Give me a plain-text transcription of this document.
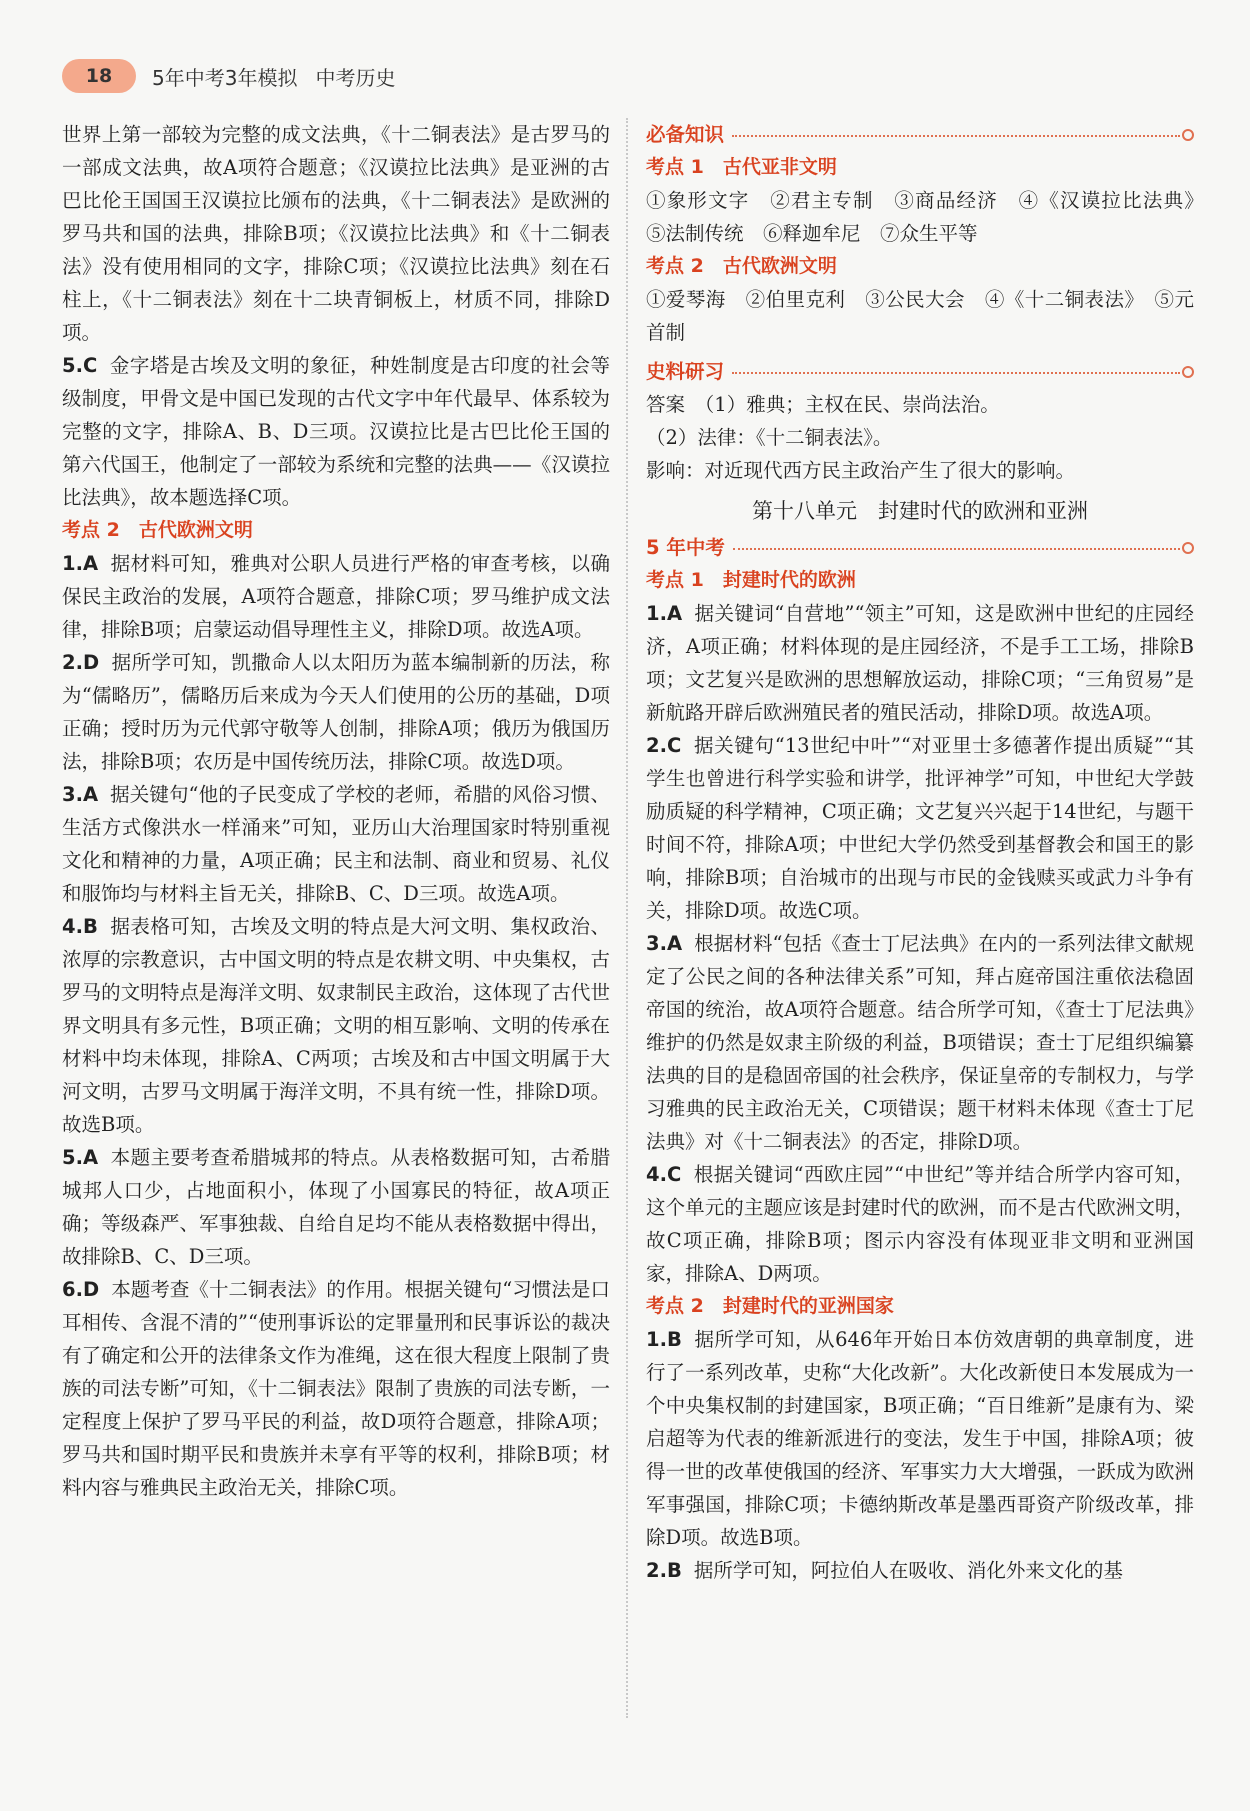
18	5年中考3年模拟 中考历史

世界上第一部较为完整的成文法典，《十二铜表法》是古罗马的一部成文法典，故A项符合题意；《汉谟拉比法典》是亚洲的古巴比伦王国国王汉谟拉比颁布的法典，《十二铜表法》是欧洲的罗马共和国的法典，排除B项；《汉谟拉比法典》和《十二铜表法》没有使用相同的文字，排除C项；《汉谟拉比法典》刻在石柱上，《十二铜表法》刻在十二块青铜板上，材质不同，排除D项。

5.C 金字塔是古埃及文明的象征，种姓制度是古印度的社会等级制度，甲骨文是中国已发现的古代文字中年代最早、体系较为完整的文字，排除A、B、D三项。汉谟拉比是古巴比伦王国的第六代国王，他制定了一部较为系统和完整的法典——《汉谟拉比法典》，故本题选择C项。

考点 2　古代欧洲文明

1.A 据材料可知，雅典对公职人员进行严格的审查考核，以确保民主政治的发展，A项符合题意，排除C项；罗马维护成文法律，排除B项；启蒙运动倡导理性主义，排除D项。故选A项。

2.D 据所学可知，凯撒命人以太阳历为蓝本编制新的历法，称为“儒略历”，儒略历后来成为今天人们使用的公历的基础，D项正确；授时历为元代郭守敬等人创制，排除A项；俄历为俄国历法，排除B项；农历是中国传统历法，排除C项。故选D项。

3.A 据关键句“他的子民变成了学校的老师，希腊的风俗习惯、生活方式像洪水一样涌来”可知，亚历山大治理国家时特别重视文化和精神的力量，A项正确；民主和法制、商业和贸易、礼仪和服饰均与材料主旨无关，排除B、C、D三项。故选A项。

4.B 据表格可知，古埃及文明的特点是大河文明、集权政治、浓厚的宗教意识，古中国文明的特点是农耕文明、中央集权，古罗马的文明特点是海洋文明、奴隶制民主政治，这体现了古代世界文明具有多元性，B项正确；文明的相互影响、文明的传承在材料中均未体现，排除A、C两项；古埃及和古中国文明属于大河文明，古罗马文明属于海洋文明，不具有统一性，排除D项。故选B项。

5.A 本题主要考查希腊城邦的特点。从表格数据可知，古希腊城邦人口少，占地面积小，体现了小国寡民的特征，故A项正确；等级森严、军事独裁、自给自足均不能从表格数据中得出，故排除B、C、D三项。

6.D 本题考查《十二铜表法》的作用。根据关键句“习惯法是口耳相传、含混不清的”“使刑事诉讼的定罪量刑和民事诉讼的裁决有了确定和公开的法律条文作为准绳，这在很大程度上限制了贵族的司法专断”可知，《十二铜表法》限制了贵族的司法专断，一定程度上保护了罗马平民的利益，故D项符合题意，排除A项；罗马共和国时期平民和贵族并未享有平等的权利，排除B项；材料内容与雅典民主政治无关，排除C项。

必备知识

考点 1　古代亚非文明

①象形文字　②君主专制　③商品经济　④《汉谟拉比法典》　⑤法制传统　⑥释迦牟尼　⑦众生平等

考点 2　古代欧洲文明

①爱琴海　②伯里克利　③公民大会　④《十二铜表法》　⑤元首制

史料研习

答案　 （1）雅典；主权在民、崇尚法治。

（2）法律：《十二铜表法》。

影响：对近现代西方民主政治产生了很大的影响。

第十八单元　封建时代的欧洲和亚洲

5 年中考

考点 1　封建时代的欧洲

1.A 据关键词“自营地”“领主”可知，这是欧洲中世纪的庄园经济，A项正确；材料体现的是庄园经济，不是手工工场，排除B项；文艺复兴是欧洲的思想解放运动，排除C项；“三角贸易”是新航路开辟后欧洲殖民者的殖民活动，排除D项。故选A项。

2.C 据关键句“13世纪中叶”“对亚里士多德著作提出质疑”“其学生也曾进行科学实验和讲学，批评神学”可知，中世纪大学鼓励质疑的科学精神，C项正确；文艺复兴兴起于14世纪，与题干时间不符，排除A项；中世纪大学仍然受到基督教会和国王的影响，排除B项；自治城市的出现与市民的金钱赎买或武力斗争有关，排除D项。故选C项。

3.A 根据材料“包括《查士丁尼法典》在内的一系列法律文献规定了公民之间的各种法律关系”可知，拜占庭帝国注重依法稳固帝国的统治，故A项符合题意。结合所学可知，《查士丁尼法典》维护的仍然是奴隶主阶级的利益，B项错误；查士丁尼组织编纂法典的目的是稳固帝国的社会秩序，保证皇帝的专制权力，与学习雅典的民主政治无关，C项错误；题干材料未体现《查士丁尼法典》对《十二铜表法》的否定，排除D项。

4.C 根据关键词“西欧庄园”“中世纪”等并结合所学内容可知，这个单元的主题应该是封建时代的欧洲，而不是古代欧洲文明，故C项正确，排除B项；图示内容没有体现亚非文明和亚洲国家，排除A、D两项。

考点 2　封建时代的亚洲国家

1.B 据所学可知，从646年开始日本仿效唐朝的典章制度，进行了一系列改革，史称“大化改新”。大化改新使日本发展成为一个中央集权制的封建国家，B项正确；“百日维新”是康有为、梁启超等为代表的维新派进行的变法，发生于中国，排除A项；彼得一世的改革使俄国的经济、军事实力大大增强，一跃成为欧洲军事强国，排除C项；卡德纳斯改革是墨西哥资产阶级改革，排除D项。故选B项。

2.B 据所学可知，阿拉伯人在吸收、消化外来文化的基
